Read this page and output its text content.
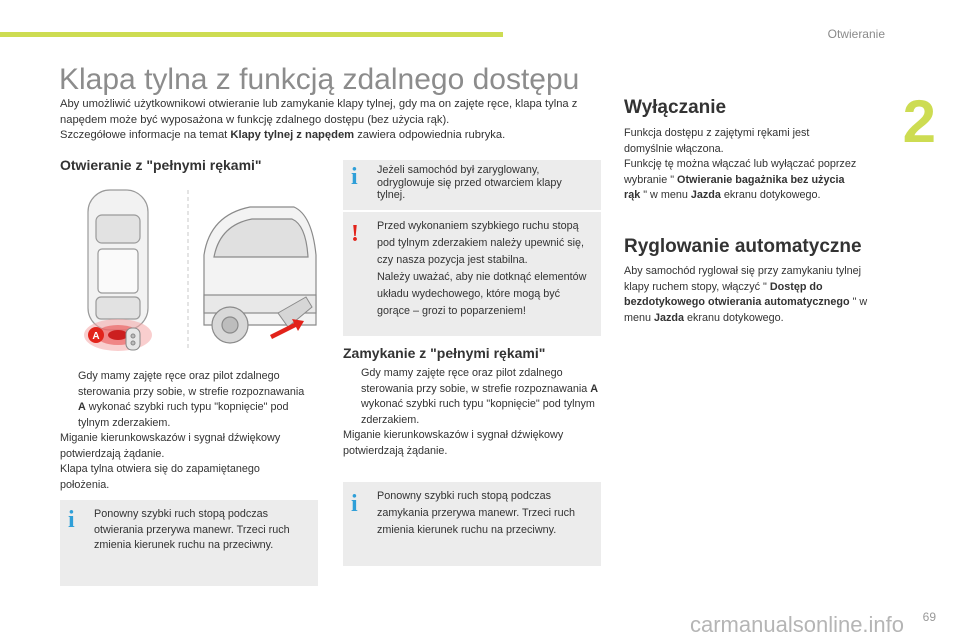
Otwieranie
2
Klapa tylna z funkcją zdalnego dostępu
Aby umożliwić użytkownikowi otwieranie lub zamykanie klapy tylnej, gdy ma on zajęte ręce, klapa tylna z napędem może być wyposażona w funkcję zdalnego dostępu (bez użycia rąk).
Szczegółowe informacje na temat Klapy tylnej z napędem zawiera odpowiednia rubryka.
Otwieranie z "pełnymi rękami"
A
Gdy mamy zajęte ręce oraz pilot zdalnego sterowania przy sobie, w strefie rozpoznawania A wykonać szybki ruch typu "kopnięcie" pod tylnym zderzakiem.
Miganie kierunkowskazów i sygnał dźwiękowy potwierdzają żądanie.
Klapa tylna otwiera się do zapamiętanego położenia.
i Ponowny szybki ruch stopą podczas otwierania przerywa manewr. Trzeci ruch zmienia kierunek ruchu na przeciwny.
i Jeżeli samochód był zaryglowany, odryglowuje się przed otwarciem klapy tylnej.
! Przed wykonaniem szybkiego ruchu stopą pod tylnym zderzakiem należy upewnić się, czy nasza pozycja jest stabilna.
Należy uważać, aby nie dotknąć elementów układu wydechowego, które mogą być gorące – grozi to poparzeniem!
Zamykanie z "pełnymi rękami"
Gdy mamy zajęte ręce oraz pilot zdalnego sterowania przy sobie, w strefie rozpoznawania A wykonać szybki ruch typu "kopnięcie" pod tylnym zderzakiem.
Miganie kierunkowskazów i sygnał dźwiękowy potwierdzają żądanie.
i Ponowny szybki ruch stopą podczas zamykania przerywa manewr. Trzeci ruch zmienia kierunek ruchu na przeciwny.
Wyłączanie
Funkcja dostępu z zajętymi rękami jest domyślnie włączona.
Funkcję tę można włączać lub wyłączać poprzez wybranie " Otwieranie bagażnika bez użycia rąk " w menu Jazda ekranu dotykowego.
Ryglowanie automatyczne
Aby samochód ryglował się przy zamykaniu tylnej klapy ruchem stopy, włączyć " Dostęp do bezdotykowego otwierania automatycznego " w menu Jazda ekranu dotykowego.
carmanualsonline.info 69
